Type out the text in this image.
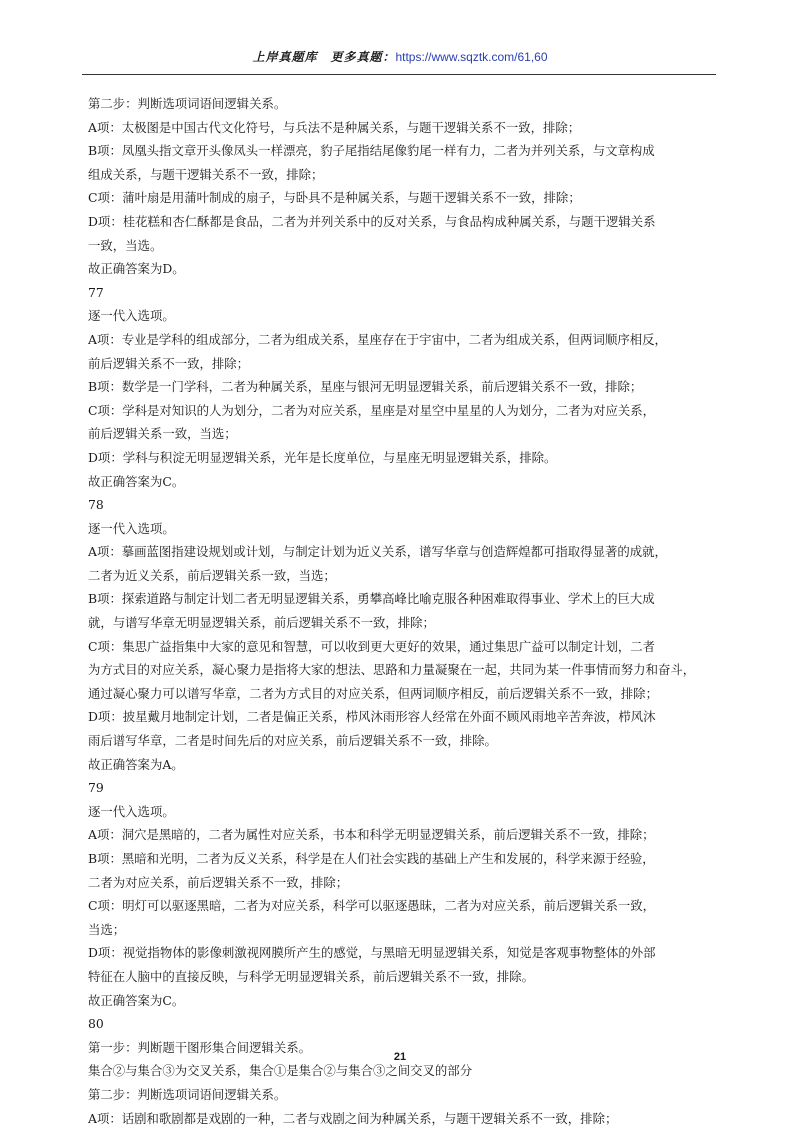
上岸真题库　更多真题：https://www.sqztk.com/61,60

第二步：判断选项词语间逻辑关系。

A项：太极图是中国古代文化符号，与兵法不是种属关系，与题干逻辑关系不一致，排除；

B项：凤凰头指文章开头像凤头一样漂亮，豹子尾指结尾像豹尾一样有力，二者为并列关系，与文章构成

组成关系，与题干逻辑关系不一致，排除；

C项：蒲叶扇是用蒲叶制成的扇子，与卧具不是种属关系，与题干逻辑关系不一致，排除；

D项：桂花糕和杏仁酥都是食品，二者为并列关系中的反对关系，与食品构成种属关系，与题干逻辑关系

一致，当选。

故正确答案为D。

77

逐一代入选项。

A项：专业是学科的组成部分，二者为组成关系，星座存在于宇宙中，二者为组成关系，但两词顺序相反，

前后逻辑关系不一致，排除；

B项：数学是一门学科，二者为种属关系，星座与银河无明显逻辑关系，前后逻辑关系不一致，排除；

C项：学科是对知识的人为划分，二者为对应关系，星座是对星空中星星的人为划分，二者为对应关系，

前后逻辑关系一致，当选；

D项：学科与积淀无明显逻辑关系，光年是长度单位，与星座无明显逻辑关系，排除。

故正确答案为C。

78

逐一代入选项。

A项：摹画蓝图指建设规划或计划，与制定计划为近义关系，谱写华章与创造辉煌都可指取得显著的成就，

二者为近义关系，前后逻辑关系一致，当选；

B项：探索道路与制定计划二者无明显逻辑关系，勇攀高峰比喻克服各种困难取得事业、学术上的巨大成

就，与谱写华章无明显逻辑关系，前后逻辑关系不一致，排除；

C项：集思广益指集中大家的意见和智慧，可以收到更大更好的效果，通过集思广益可以制定计划，二者

为方式目的对应关系，凝心聚力是指将大家的想法、思路和力量凝聚在一起，共同为某一件事情而努力和奋斗，

通过凝心聚力可以谱写华章，二者为方式目的对应关系，但两词顺序相反，前后逻辑关系不一致，排除；

D项：披星戴月地制定计划，二者是偏正关系，栉风沐雨形容人经常在外面不顾风雨地辛苦奔波，栉风沐

雨后谱写华章，二者是时间先后的对应关系，前后逻辑关系不一致，排除。

故正确答案为A。

79

逐一代入选项。

A项：洞穴是黑暗的，二者为属性对应关系，书本和科学无明显逻辑关系，前后逻辑关系不一致，排除；

B项：黑暗和光明，二者为反义关系，科学是在人们社会实践的基础上产生和发展的，科学来源于经验，

二者为对应关系，前后逻辑关系不一致，排除；

C项：明灯可以驱逐黑暗，二者为对应关系，科学可以驱逐愚昧，二者为对应关系，前后逻辑关系一致，

当选；

D项：视觉指物体的影像刺激视网膜所产生的感觉，与黑暗无明显逻辑关系，知觉是客观事物整体的外部

特征在人脑中的直接反映，与科学无明显逻辑关系，前后逻辑关系不一致，排除。

故正确答案为C。

80

第一步：判断题干图形集合间逻辑关系。

集合②与集合③为交叉关系，集合①是集合②与集合③之间交叉的部分

第二步：判断选项词语间逻辑关系。

A项：话剧和歌剧都是戏剧的一种，二者与戏剧之间为种属关系，与题干逻辑关系不一致，排除；

21
